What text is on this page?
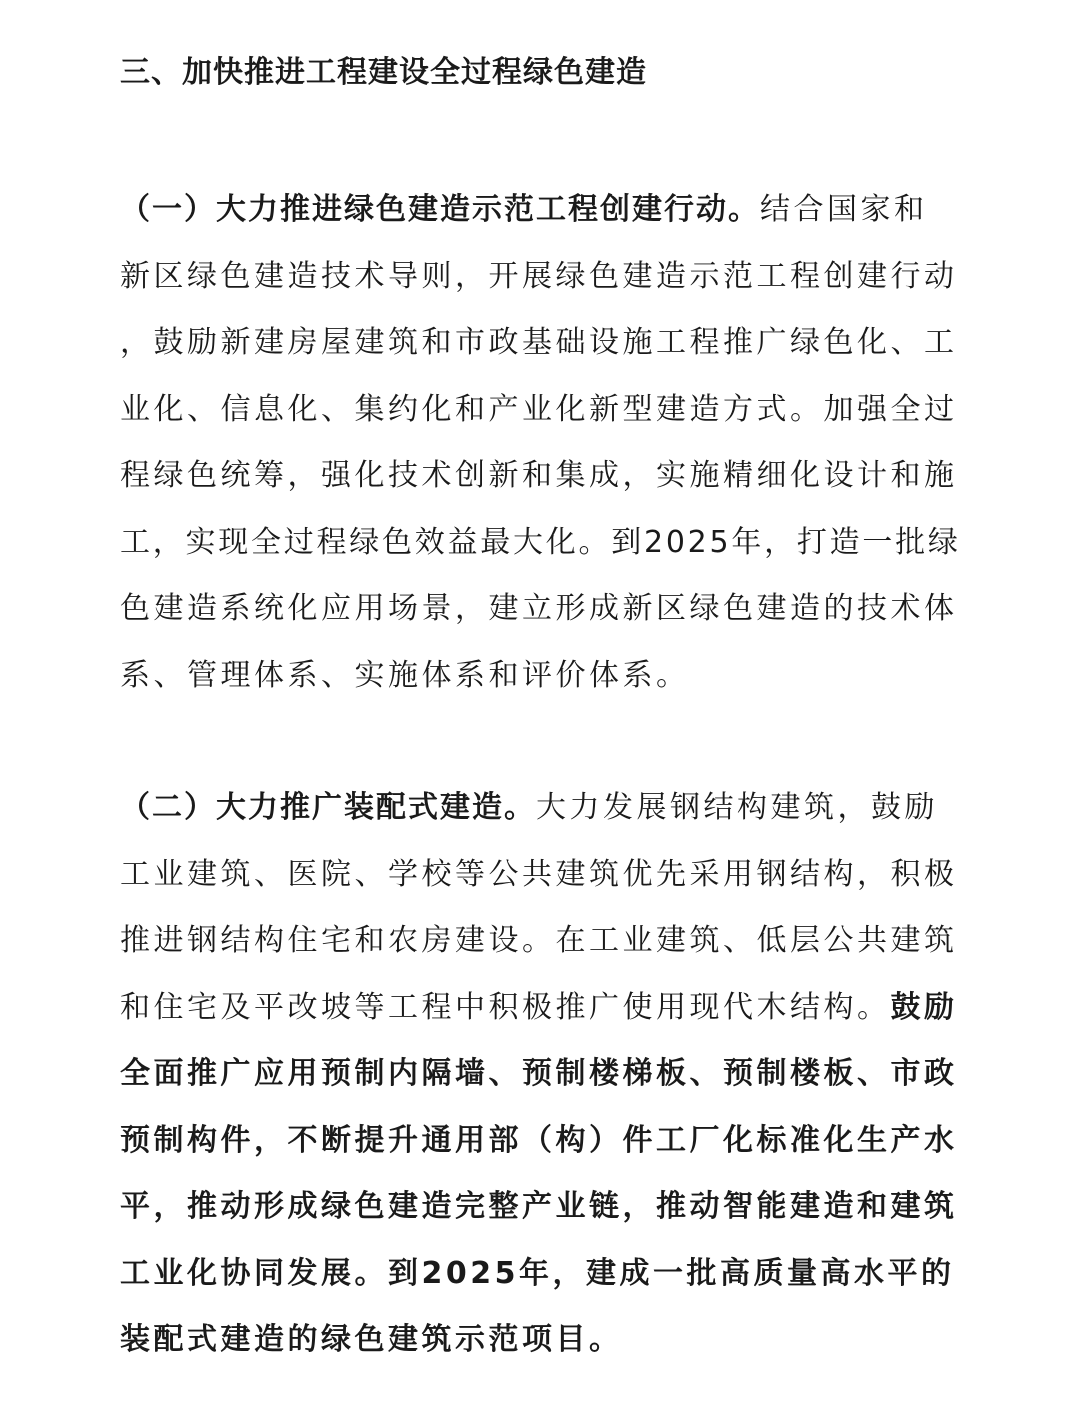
三、加快推进工程建设全过程绿色建造
（一）大力推进绿色建造示范工程创建行动。结合国家和
新区绿色建造技术导则，开展绿色建造示范工程创建行动
，鼓励新建房屋建筑和市政基础设施工程推广绿色化、工
业化、信息化、集约化和产业化新型建造方式。加强全过
程绿色统筹，强化技术创新和集成，实施精细化设计和施
工，实现全过程绿色效益最大化。到2025年，打造一批绿
色建造系统化应用场景，建立形成新区绿色建造的技术体
系、管理体系、实施体系和评价体系。
（二）大力推广装配式建造。大力发展钢结构建筑，鼓励
工业建筑、医院、学校等公共建筑优先采用钢结构，积极
推进钢结构住宅和农房建设。在工业建筑、低层公共建筑
和住宅及平改坡等工程中积极推广使用现代木结构。鼓励
全面推广应用预制内隔墙、预制楼梯板、预制楼板、市政
预制构件，不断提升通用部（构）件工厂化标准化生产水
平，推动形成绿色建造完整产业链，推动智能建造和建筑
工业化协同发展。到2025年，建成一批高质量高水平的
装配式建造的绿色建筑示范项目。
